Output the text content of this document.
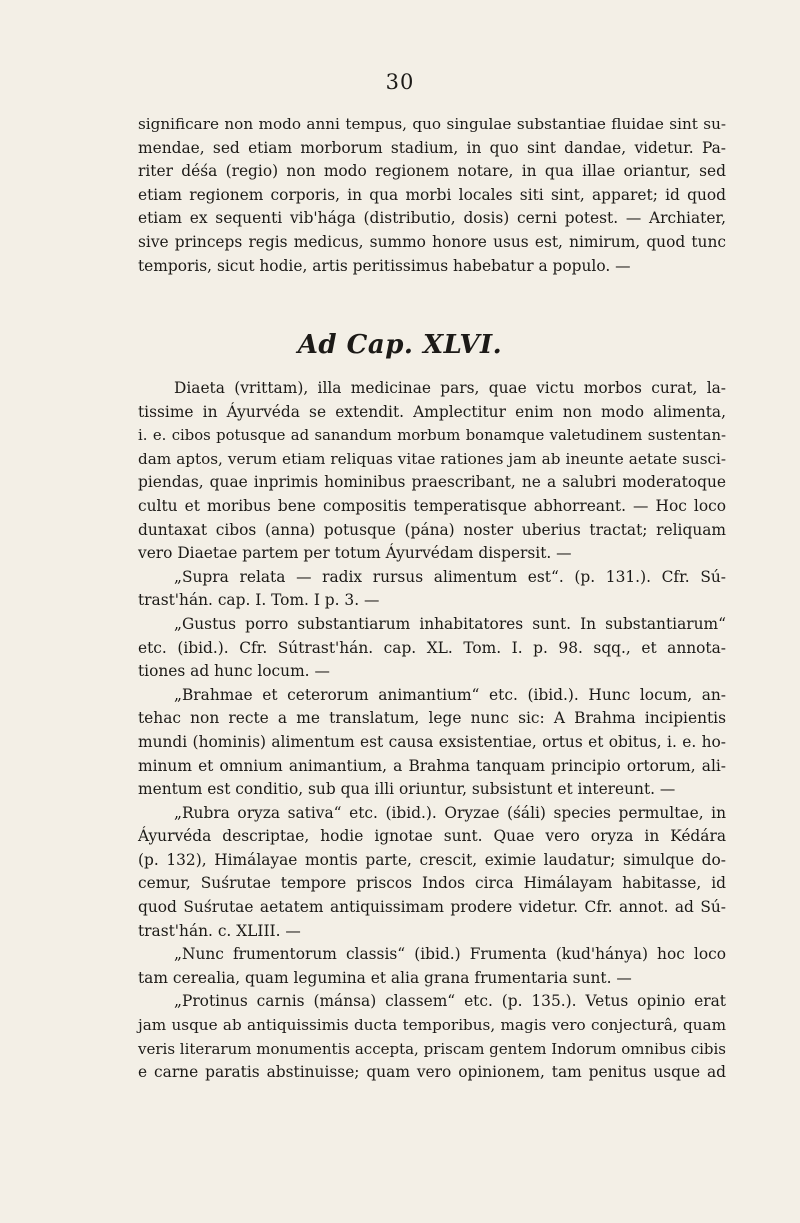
30
significare non modo anni tempus, quo singulae substantiae fluidae sint su-
mendae, sed etiam morborum stadium, in quo sint dandae, videtur. Pa-
riter déśa (regio) non modo regionem notare, in qua illae oriantur, sed
etiam regionem corporis, in qua morbi locales siti sint, apparet; id quod
etiam ex sequenti vib'hága (distributio, dosis) cerni potest. — Archiater,
sive princeps regis medicus, summo honore usus est, nimirum, quod tunc
temporis, sicut hodie, artis peritissimus habebatur a populo. —
Ad Cap. XLVI.
Diaeta (vrittam), illa medicinae pars, quae victu morbos curat, la-
tissime in Áyurvéda se extendit. Amplectitur enim non modo alimenta,
i. e. cibos potusque ad sanandum morbum bonamque valetudinem sustentan-
dam aptos, verum etiam reliquas vitae rationes jam ab ineunte aetate susci-
piendas, quae inprimis hominibus praescribant, ne a salubri moderatoque
cultu et moribus bene compositis temperatisque abhorreant. — Hoc loco
duntaxat cibos (anna) potusque (pána) noster uberius tractat; reliquam
vero Diaetae partem per totum Áyurvédam dispersit. —
„Supra relata — radix rursus alimentum est“. (p. 131.). Cfr. Sú-
trast'hán. cap. I. Tom. I p. 3. —
„Gustus porro substantiarum inhabitatores sunt. In substantiarum“
etc. (ibid.). Cfr. Sútrast'hán. cap. XL. Tom. I. p. 98. sqq., et annota-
tiones ad hunc locum. —
„Brahmae et ceterorum animantium“ etc. (ibid.). Hunc locum, an-
tehac non recte a me translatum, lege nunc sic: A Brahma incipientis
mundi (hominis) alimentum est causa exsistentiae, ortus et obitus, i. e. ho-
minum et omnium animantium, a Brahma tanquam principio ortorum, ali-
mentum est conditio, sub qua illi oriuntur, subsistunt et intereunt. —
„Rubra oryza sativa“ etc. (ibid.). Oryzae (śáli) species permultae, in
Áyurvéda descriptae, hodie ignotae sunt. Quae vero oryza in Kédára
(p. 132), Himálayae montis parte, crescit, eximie laudatur; simulque do-
cemur, Suśrutae tempore priscos Indos circa Himálayam habitasse, id
quod Suśrutae aetatem antiquissimam prodere videtur. Cfr. annot. ad Sú-
trast'hán. c. XLIII. —
„Nunc frumentorum classis“ (ibid.) Frumenta (kud'hánya) hoc loco
tam cerealia, quam legumina et alia grana frumentaria sunt. —
„Protinus carnis (mánsa) classem“ etc. (p. 135.). Vetus opinio erat
jam usque ab antiquissimis ducta temporibus, magis vero conjecturâ, quam
veris literarum monumentis accepta, priscam gentem Indorum omnibus cibis
e carne paratis abstinuisse; quam vero opinionem, tam penitus usque ad
